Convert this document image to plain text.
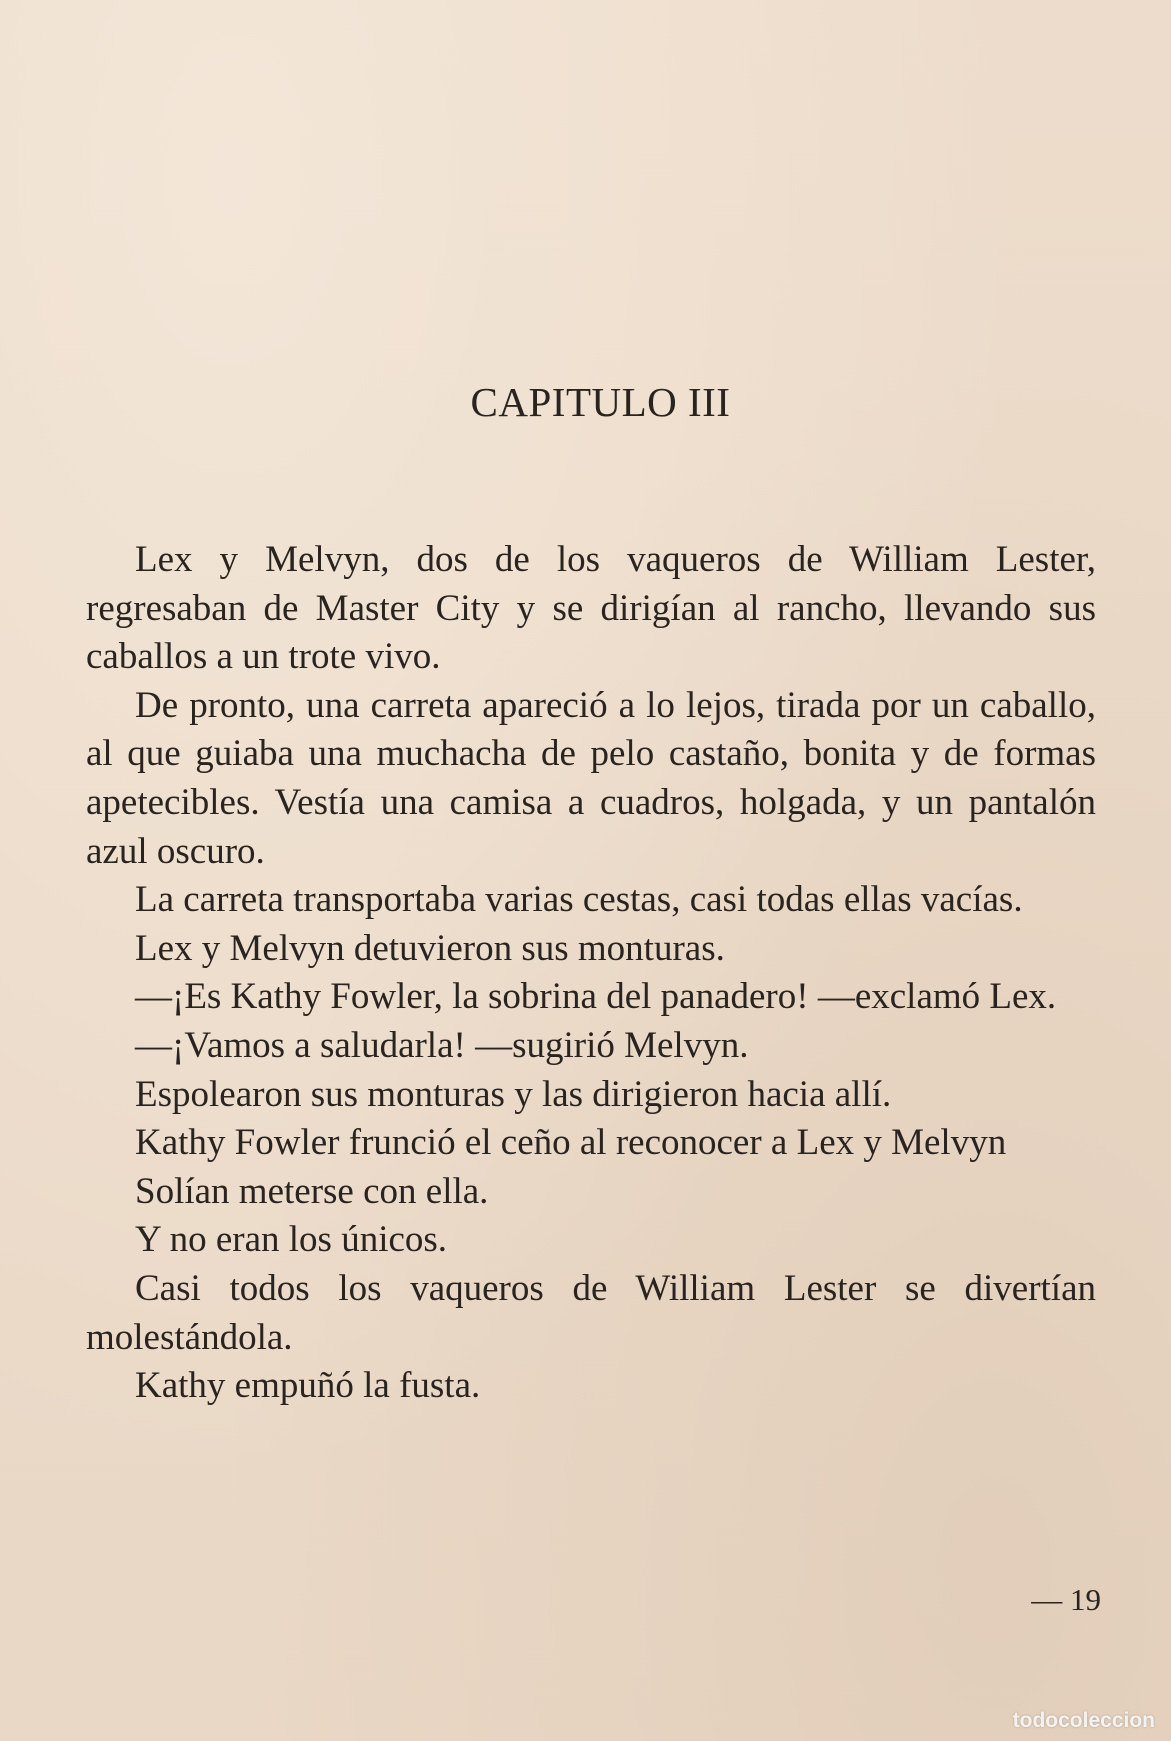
CAPITULO III

Lex y Melvyn, dos de los vaqueros de William Lester, regresaban de Master City y se dirigían al rancho, llevando sus caballos a un trote vivo.

De pronto, una carreta apareció a lo lejos, tirada por un caballo, al que guiaba una muchacha de pelo castaño, bonita y de formas apetecibles. Vestía una camisa a cuadros, holgada, y un pantalón azul oscuro.

La carreta transportaba varias cestas, casi todas ellas vacías.

Lex y Melvyn detuvieron sus monturas.

—¡Es Kathy Fowler, la sobrina del panadero! —exclamó Lex.

—¡Vamos a saludarla! —sugirió Melvyn.

Espolearon sus monturas y las dirigieron hacia allí.

Kathy Fowler frunció el ceño al reconocer a Lex y Melvyn

Solían meterse con ella.

Y no eran los únicos.

Casi todos los vaqueros de William Lester se divertían molestándola.

Kathy empuñó la fusta.

— 19
todocoleccion
